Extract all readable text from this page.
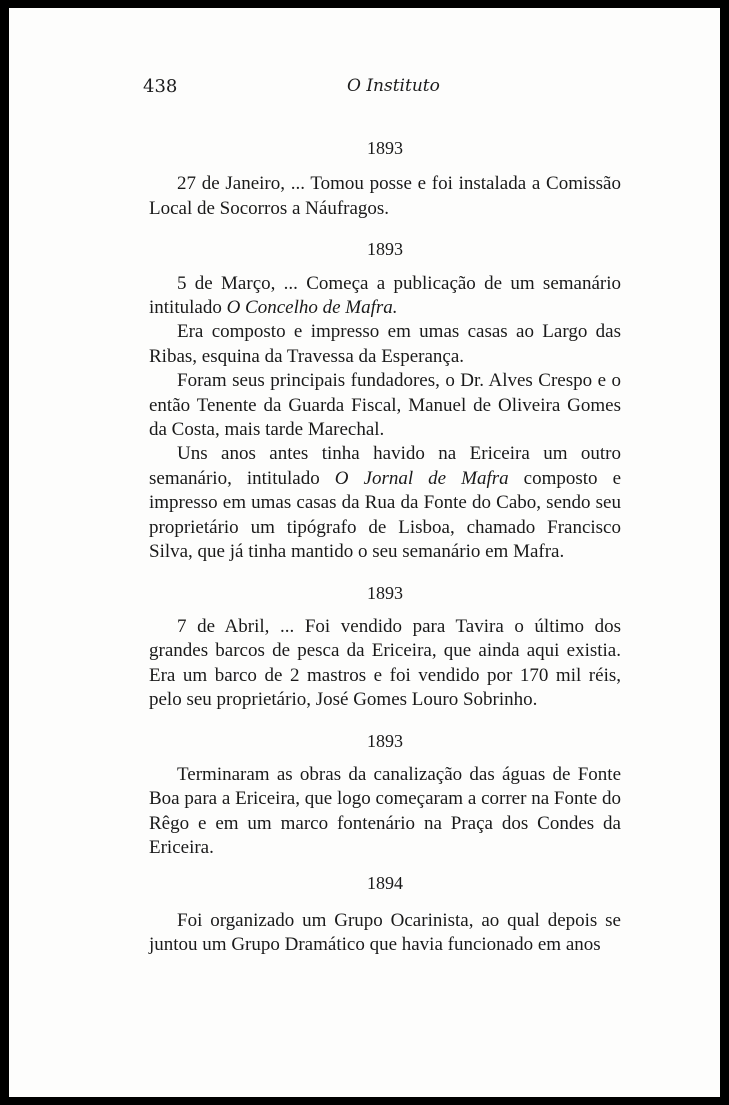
438	O Instituto

1893

27 de Janeiro, ... Tomou posse e foi instalada a Comissão Local de Socorros a Náufragos.

1893

5 de Março, ... Começa a publicação de um semanário intitulado O Concelho de Mafra.

Era composto e impresso em umas casas ao Largo das Ribas, esquina da Travessa da Esperança.

Foram seus principais fundadores, o Dr. Alves Crespo e o então Tenente da Guarda Fiscal, Manuel de Oliveira Gomes da Costa, mais tarde Marechal.

Uns anos antes tinha havido na Ericeira um outro semanário, intitulado O Jornal de Mafra composto e impresso em umas casas da Rua da Fonte do Cabo, sendo seu proprietário um tipógrafo de Lisboa, chamado Francisco Silva, que já tinha mantido o seu semanário em Mafra.

1893

7 de Abril, ... Foi vendido para Tavira o último dos grandes barcos de pesca da Ericeira, que ainda aqui existia. Era um barco de 2 mastros e foi vendido por 170 mil réis, pelo seu proprietário, José Gomes Louro Sobrinho.

1893

Terminaram as obras da canalização das águas de Fonte Boa para a Ericeira, que logo começaram a correr na Fonte do Rêgo e em um marco fontenário na Praça dos Condes da Ericeira.

1894

Foi organizado um Grupo Ocarinista, ao qual depois se juntou um Grupo Dramático que havia funcionado em anos
